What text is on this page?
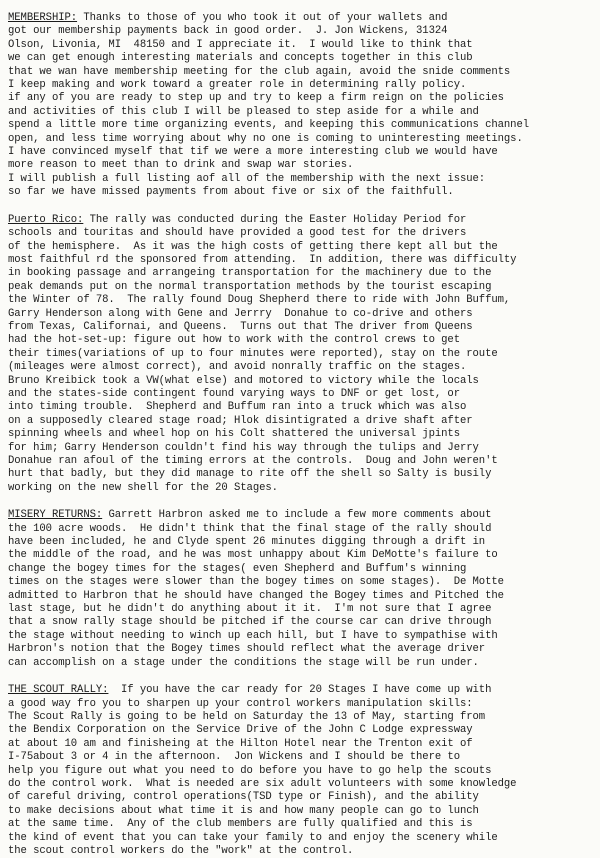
MEMBERSHIP: Thanks to those of you who took it out of your wallets and
got our membership payments back in good order.  J. Jon Wickens, 31324
Olson, Livonia, MI  48150 and I appreciate it.  I would like to think that
we can get enough interesting materials and concepts together in this club
that we wan have membership meeting for the club again, avoid the snide comments
I keep making and work toward a greater role in determining rally policy.
if any of you are ready to step up and try to keep a firm reign on the policies
and activities of this club I will be pleased to step aside for a while and
spend a little more time organizing events, and keeping this communications channel
open, and less time worrying about why no one is coming to uninteresting meetings.
I have convinced myself that tif we were a more interesting club we would have
more reason to meet than to drink and swap war stories.
I will publish a full listing aof all of the membership with the next issue:
so far we have missed payments from about five or six of the faithfull.
Puerto Rico: The rally was conducted during the Easter Holiday Period for
schools and touritas and should have provided a good test for the drivers
of the hemisphere.  As it was the high costs of getting there kept all but the
most faithful rd the sponsored from attending.  In addition, there was difficulty
in booking passage and arrangeing transportation for the machinery due to the
peak demands put on the normal transportation methods by the tourist escaping
the Winter of 78.  The rally found Doug Shepherd there to ride with John Buffum,
Garry Henderson along with Gene and Jerrry  Donahue to co-drive and others
from Texas, Californai, and Queens.  Turns out that The driver from Queens
had the hot-set-up: figure out how to work with the control crews to get
their times(variations of up to four minutes were reported), stay on the route
(mileages were almost correct), and avoid nonrally traffic on the stages.
Bruno Kreibick took a VW(what else) and motored to victory while the locals
and the states-side contingent found varying ways to DNF or get lost, or
into timing trouble.  Shepherd and Buffum ran into a truck which was also
on a supposedly cleared stage road; Hlok disintigrated a drive shaft after
spinning wheels and wheel hop on his Colt shattered the universal jpints
for him; Garry Henderson couldn't find his way through the tulips and Jerry
Donahue ran afoul of the timing errors at the controls.  Doug and John weren't
hurt that badly, but they did manage to rite off the shell so Salty is busily
working on the new shell for the 20 Stages.
MISERY RETURNS: Garrett Harbron asked me to include a few more comments about
the 100 acre woods.  He didn't think that the final stage of the rally should
have been included, he and Clyde spent 26 minutes digging through a drift in
the middle of the road, and he was most unhappy about Kim DeMotte's failure to
change the bogey times for the stages( even Shepherd and Buffum's winning
times on the stages were slower than the bogey times on some stages).  De Motte
admitted to Harbron that he should have changed the Bogey times and Pitched the
last stage, but he didn't do anything about it it.  I'm not sure that I agree
that a snow rally stage should be pitched if the course car can drive through
the stage without needing to winch up each hill, but I have to sympathise with
Harbron's notion that the Bogey times should reflect what the average driver
can accomplish on a stage under the conditions the stage will be run under.
THE SCOUT RALLY:  If you have the car ready for 20 Stages I have come up with
a good way fro you to sharpen up your control workers manipulation skills:
The Scout Rally is going to be held on Saturday the 13 of May, starting from
the Bendix Corporation on the Service Drive of the John C Lodge expressway
at about 10 am and finisheing at the Hilton Hotel near the Trenton exit of
I-75about 3 or 4 in the afternoon.  Jon Wickens and I should be there to
help you figure out what you need to do before you have to go help the scouts
do the control work.  What is needed are six adult volunteers with some knowledge
of careful driving, control operations(TSD type or Finish), and the ability
to make decisions about what time it is and how many people can go to lunch
at the same time.  Any of the club members are fully qualified and this is
the kind of event that you can take your family to and enjoy the scenery while
the scout control workers do the "work" at the control.
